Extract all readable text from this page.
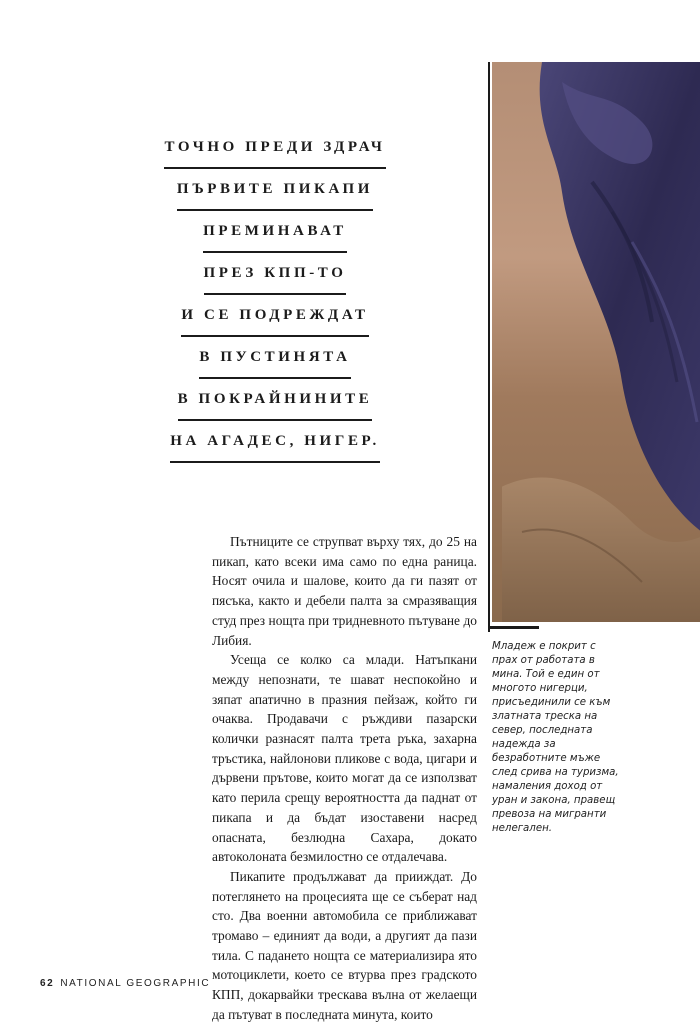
ТОЧНО ПРЕДИ ЗДРАЧ
ПЪРВИТЕ ПИКАПИ
ПРЕМИНАВАТ
ПРЕЗ КПП-ТО
И СЕ ПОДРЕЖДАТ
В ПУСТИНЯТА
В ПОКРАЙНИНИТЕ
НА АГАДЕС, НИГЕР.

Пътниците се струпват върху тях, до 25 на пикап, като всеки има само по една раница. Носят очила и шалове, които да ги пазят от пясъка, както и дебели палта за смразяващия студ през нощта при тридневното пътуване до Либия.

Усеща се колко са млади. Натъпкани между непознати, те шават неспокойно и зяпат апатично в празния пейзаж, който ги очаква. Продавачи с ръждиви пазарски колички разнасят палта трета ръка, захарна тръстика, найлонови пликове с вода, цигари и дървени прътове, които могат да се използват като перила срещу вероятността да паднат от пикапа и да бъдат изоставени насред опасната, безлюдна Сахара, докато автоколоната безмилостно се отдалечава.

Пикапите продължават да прииждат. До потеглянето на процесията ще се съберат над сто. Два военни автомобила се приближават тромаво – единият да води, а другият да пази тила. С падането нощта се материализира ято мотоциклети, което се втурва през градското КПП, докарвайки трескава вълна от желаещи да пътуват в последната минута, които

Младеж е покрит с прах от работата в мина. Той е един от многото нигерци, присъединили се към златната треска на север, последната надежда за безработните мъже след срива на туризма, намаления доход от уран и закона, правещ превоза на мигранти нелегален.
62 NATIONAL GEOGRAPHIC
